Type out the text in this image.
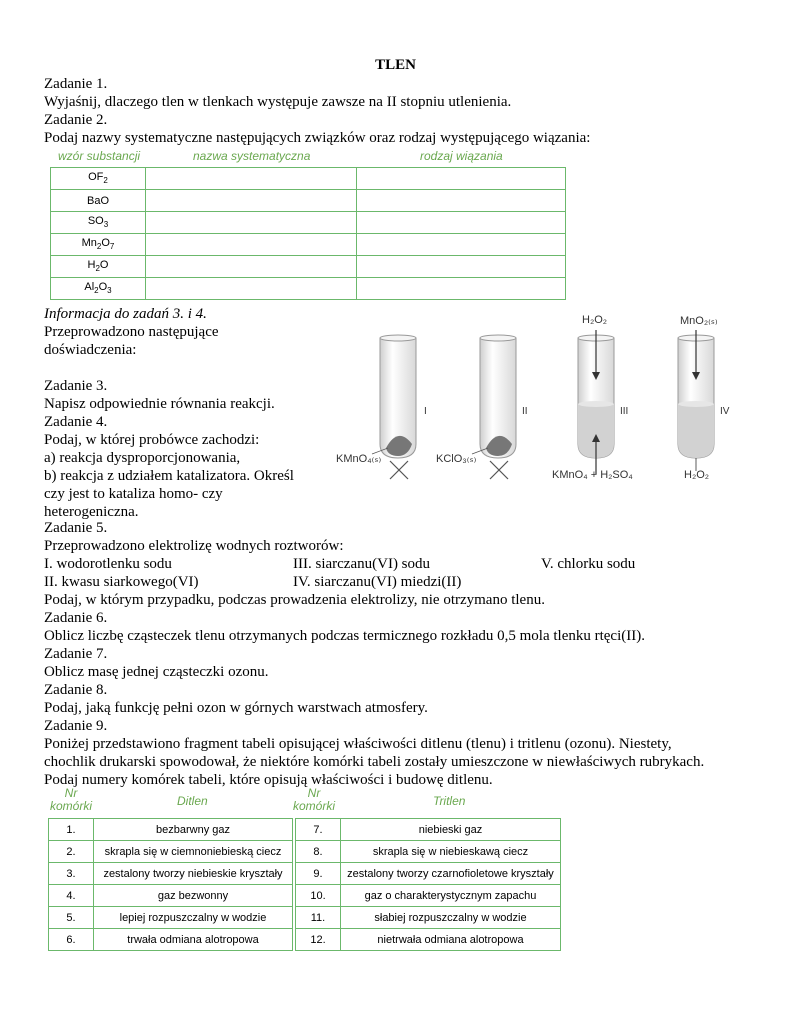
TLEN
Zadanie 1.
Wyjaśnij, dlaczego tlen w tlenkach występuje zawsze na II stopniu utlenienia.
Zadanie 2.
Podaj nazwy systematyczne następujących związków oraz rodzaj występującego wiązania:
wzór substancji	nazwa systematyczna	rodzaj wiązania
$OF_2$		
BaO		
$SO_3$		
$Mn_2O_7$		
$H_2O$		
$Al_2O_3$		
Informacja do zadań 3. i 4.
Przeprowadzono następujące
doświadczenia:
Zadanie 3.
Napisz odpowiednie równania reakcji.
Zadanie 4.
Podaj, w której probówce zachodzi:
a) reakcja dysproporcjonowania,
b) reakcja z udziałem katalizatora. Określ
czy jest to kataliza homo- czy
heterogeniczna.
I	II	III	IV
H₂O₂	MnO₂₍ₛ₎
KMnO₄₍ₛ₎	KClO₃₍ₛ₎
KMnO₄ + H₂SO₄	H₂O₂
Zadanie 5.
Przeprowadzono elektrolizę wodnych roztworów:
I. wodorotlenku sodu	III. siarczanu(VI) sodu	V. chlorku sodu
II. kwasu siarkowego(VI)	IV. siarczanu(VI) miedzi(II)
Podaj, w którym przypadku, podczas prowadzenia elektrolizy, nie otrzymano tlenu.
Zadanie 6.
Oblicz liczbę cząsteczek tlenu otrzymanych podczas termicznego rozkładu 0,5 mola tlenku rtęci(II).
Zadanie 7.
Oblicz masę jednej cząsteczki ozonu.
Zadanie 8.
Podaj, jaką funkcję pełni ozon w górnych warstwach atmosfery.
Zadanie 9.
Poniżej przedstawiono fragment tabeli opisującej właściwości ditlenu (tlenu) i tritlenu (ozonu). Niestety,
chochlik drukarski spowodował, że niektóre komórki tabeli zostały umieszczone w niewłaściwych rubrykach.
Podaj numery komórek tabeli, które opisują właściwości i budowę ditlenu.
Nr
komórki	Ditlen
Nr
komórki	Tritlen
1.	bezbarwny gaz		7.	niebieski gaz
2.	skrapla się w ciemnoniebieską ciecz		8.	skrapla się w niebieskawą ciecz
3.	zestalony tworzy niebieskie kryształy		9.	zestalony tworzy czarnofioletowe kryształy
4.	gaz bezwonny		10.	gaz o charakterystycznym zapachu
5.	lepiej rozpuszczalny w wodzie		11.	słabiej rozpuszczalny w wodzie
6.	trwała odmiana alotropowa		12.	nietrwała odmiana alotropowa
